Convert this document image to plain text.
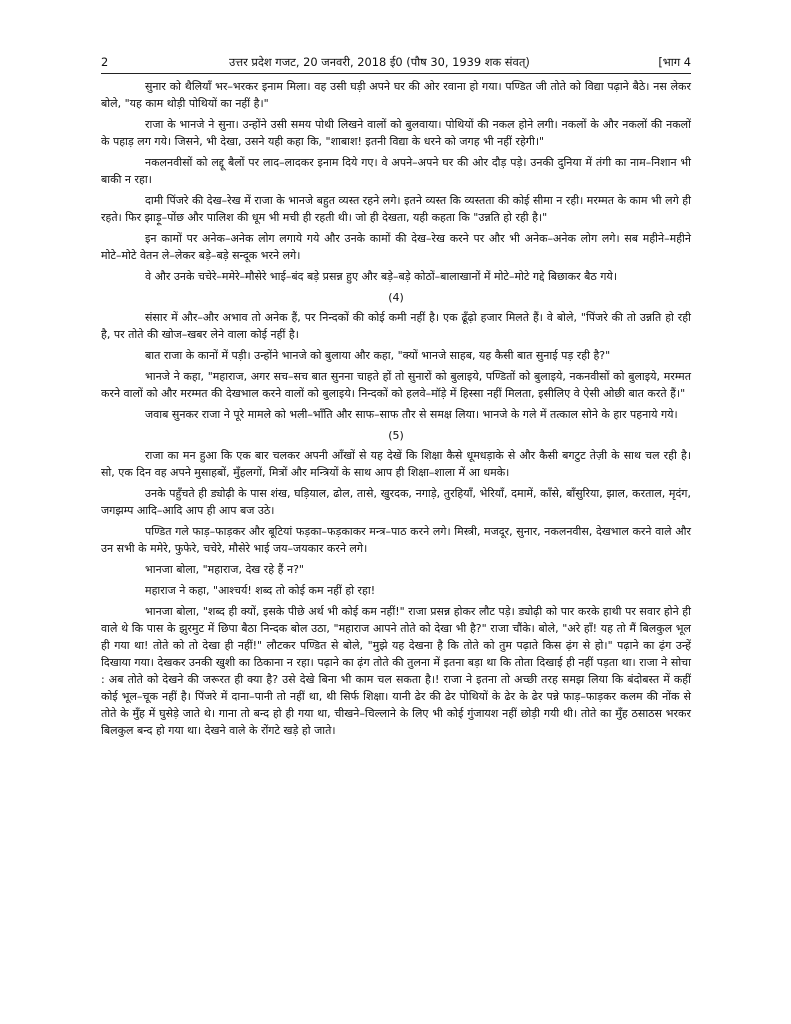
2	उत्तर प्रदेश गजट, 20 जनवरी, 2018 ई0 (पौष 30, 1939 शक संवत्)	[भाग 4

सुनार को थैलियाँ भर–भरकर इनाम मिला। वह उसी घड़ी अपने घर की ओर रवाना हो गया। पण्डित जी तोते को विद्या पढ़ाने बैठे। नस लेकर बोले, "यह काम थोड़ी पोथियों का नहीं है।"

राजा के भानजे ने सुना। उन्होंने उसी समय पोथी लिखने वालों को बुलवाया। पोथियों की नकल होने लगी। नकलों के और नकलों की नकलों के पहाड़ लग गये। जिसने, भी देखा, उसने यही कहा कि, "शाबाश! इतनी विद्या के धरने को जगह भी नहीं रहेगी।"

नकलनवीसों को लद्दू बैलों पर लाद–लादकर इनाम दिये गए। वे अपने–अपने घर की ओर दौड़ पड़े। उनकी दुनिया में तंगी का नाम–निशान भी बाकी न रहा।

दामी पिंजरे की देख–रेख में राजा के भानजे बहुत व्यस्त रहने लगे। इतने व्यस्त कि व्यस्तता की कोई सीमा न रही। मरम्मत के काम भी लगे ही रहते। फिर झाड़ू–पोंछ और पालिश की धूम भी मची ही रहती थी। जो ही देखता, यही कहता कि "उन्नति हो रही है।"

इन कामों पर अनेक–अनेक लोग लगाये गये और उनके कामों की देख–रेख करने पर और भी अनेक–अनेक लोग लगे। सब महीने–महीने मोटे–मोटे वेतन ले–लेकर बड़े–बड़े सन्दूक भरने लगे।

वे और उनके चचेरे–ममेरे–मौसेरे भाई–बंद बड़े प्रसन्न हुए और बड़े–बड़े कोठों–बालाखानों में मोटे–मोटे गद्दे बिछाकर बैठ गये।

(4)

संसार में और–और अभाव तो अनेक हैं, पर निन्दकों की कोई कमी नहीं है। एक ढूँढ़ो हजार मिलते हैं। वे बोले, "पिंजरे की तो उन्नति हो रही है, पर तोते की खोज–खबर लेने वाला कोई नहीं है।

बात राजा के कानों में पड़ी। उन्होंने भानजे को बुलाया और कहा, "क्यों भानजे साहब, यह कैसी बात सुनाई पड़ रही है?"

भानजे ने कहा, "महाराज, अगर सच–सच बात सुनना चाहते हों तो सुनारों को बुलाइये, पण्डितों को बुलाइये, नकनवीसों को बुलाइये, मरम्मत करने वालों को और मरम्मत की देखभाल करने वालों को बुलाइये। निन्दकों को हलवे–मॉड़े में हिस्सा नहीं मिलता, इसीलिए वे ऐसी ओछी बात करते हैं।"

जवाब सुनकर राजा ने पूरे मामले को भली–भाँति और साफ–साफ तौर से समक्ष लिया। भानजे के गले में तत्काल सोने के हार पहनाये गये।

(5)

राजा का मन हुआ कि एक बार चलकर अपनी आँखों से यह देखें कि शिक्षा कैसे धूमधड़ाके से और कैसी बगटुट तेज़ी के साथ चल रही है। सो, एक दिन वह अपने मुसाहबों, मुँहलगों, मित्रों और मन्त्रियों के साथ आप ही शिक्षा–शाला में आ धमके।

उनके पहुँचते ही ड्योढ़ी के पास शंख, घड़ियाल, ढोल, तासे, खुरदक, नगाड़े, तुरहियाँ, भेरियाँ, दमामें, काँसे, बाँसुरिया, झाल, करताल, मृदंग, जगझम्प आदि–आदि आप ही आप बज उठे।

पण्डित गले फाड़–फाड़कर और बूटियां फड़का–फड़काकर मन्त्र–पाठ करने लगे। मिस्त्री, मजदूर, सुनार, नकलनवीस, देखभाल करने वाले और उन सभी के ममेरे, फुफेरे, चचेरे, मौसेरे भाई जय–जयकार करने लगे।

भानजा बोला, "महाराज, देख रहे हैं न?"

महाराज ने कहा, "आश्चर्य! शब्द तो कोई कम नहीं हो रहा!

भानजा बोला, "शब्द ही क्यों, इसके पीछे अर्थ भी कोई कम नहीं!" राजा प्रसन्न होकर लौट पड़े। ड्योढ़ी को पार करके हाथी पर सवार होने ही वाले थे कि पास के झुरमुट में छिपा बैठा निन्दक बोल उठा, "महाराज आपने तोते को देखा भी है?" राजा चौंके। बोले, "अरे हाँ! यह तो मैं बिलकुल भूल ही गया था! तोते को तो देखा ही नहीं!" लौटकर पण्डित से बोले, "मुझे यह देखना है कि तोते को तुम पढ़ाते किस ढ़ंग से हो।" पढ़ाने का ढ़ंग उन्हें दिखाया गया। देखकर उनकी खुशी का ठिकाना न रहा। पढ़ाने का ढ़ंग तोते की तुलना में इतना बड़ा था कि तोता दिखाई ही नहीं पड़ता था। राजा ने सोचा : अब तोते को देखने की जरूरत ही क्या है? उसे देखे बिना भी काम चल सकता है।! राजा ने इतना तो अच्छी तरह समझ लिया कि बंदोबस्त में कहीं कोई भूल–चूक नहीं है। पिंजरे में दाना–पानी तो नहीं था, थी सिर्फ शिक्षा। यानी ढेर की ढेर पोथियों के ढेर के ढेर पन्ने फाड़–फाड़कर कलम की नोंक से तोते के मुँह में घुसेड़े जाते थे। गाना तो बन्द हो ही गया था, चीखने–चिल्लाने के लिए भी कोई गुंजायश नहीं छोड़ी गयी थी। तोते का मुँह ठसाठस भरकर बिलकुल बन्द हो गया था। देखने वाले के रोंगटे खड़े हो जाते।
